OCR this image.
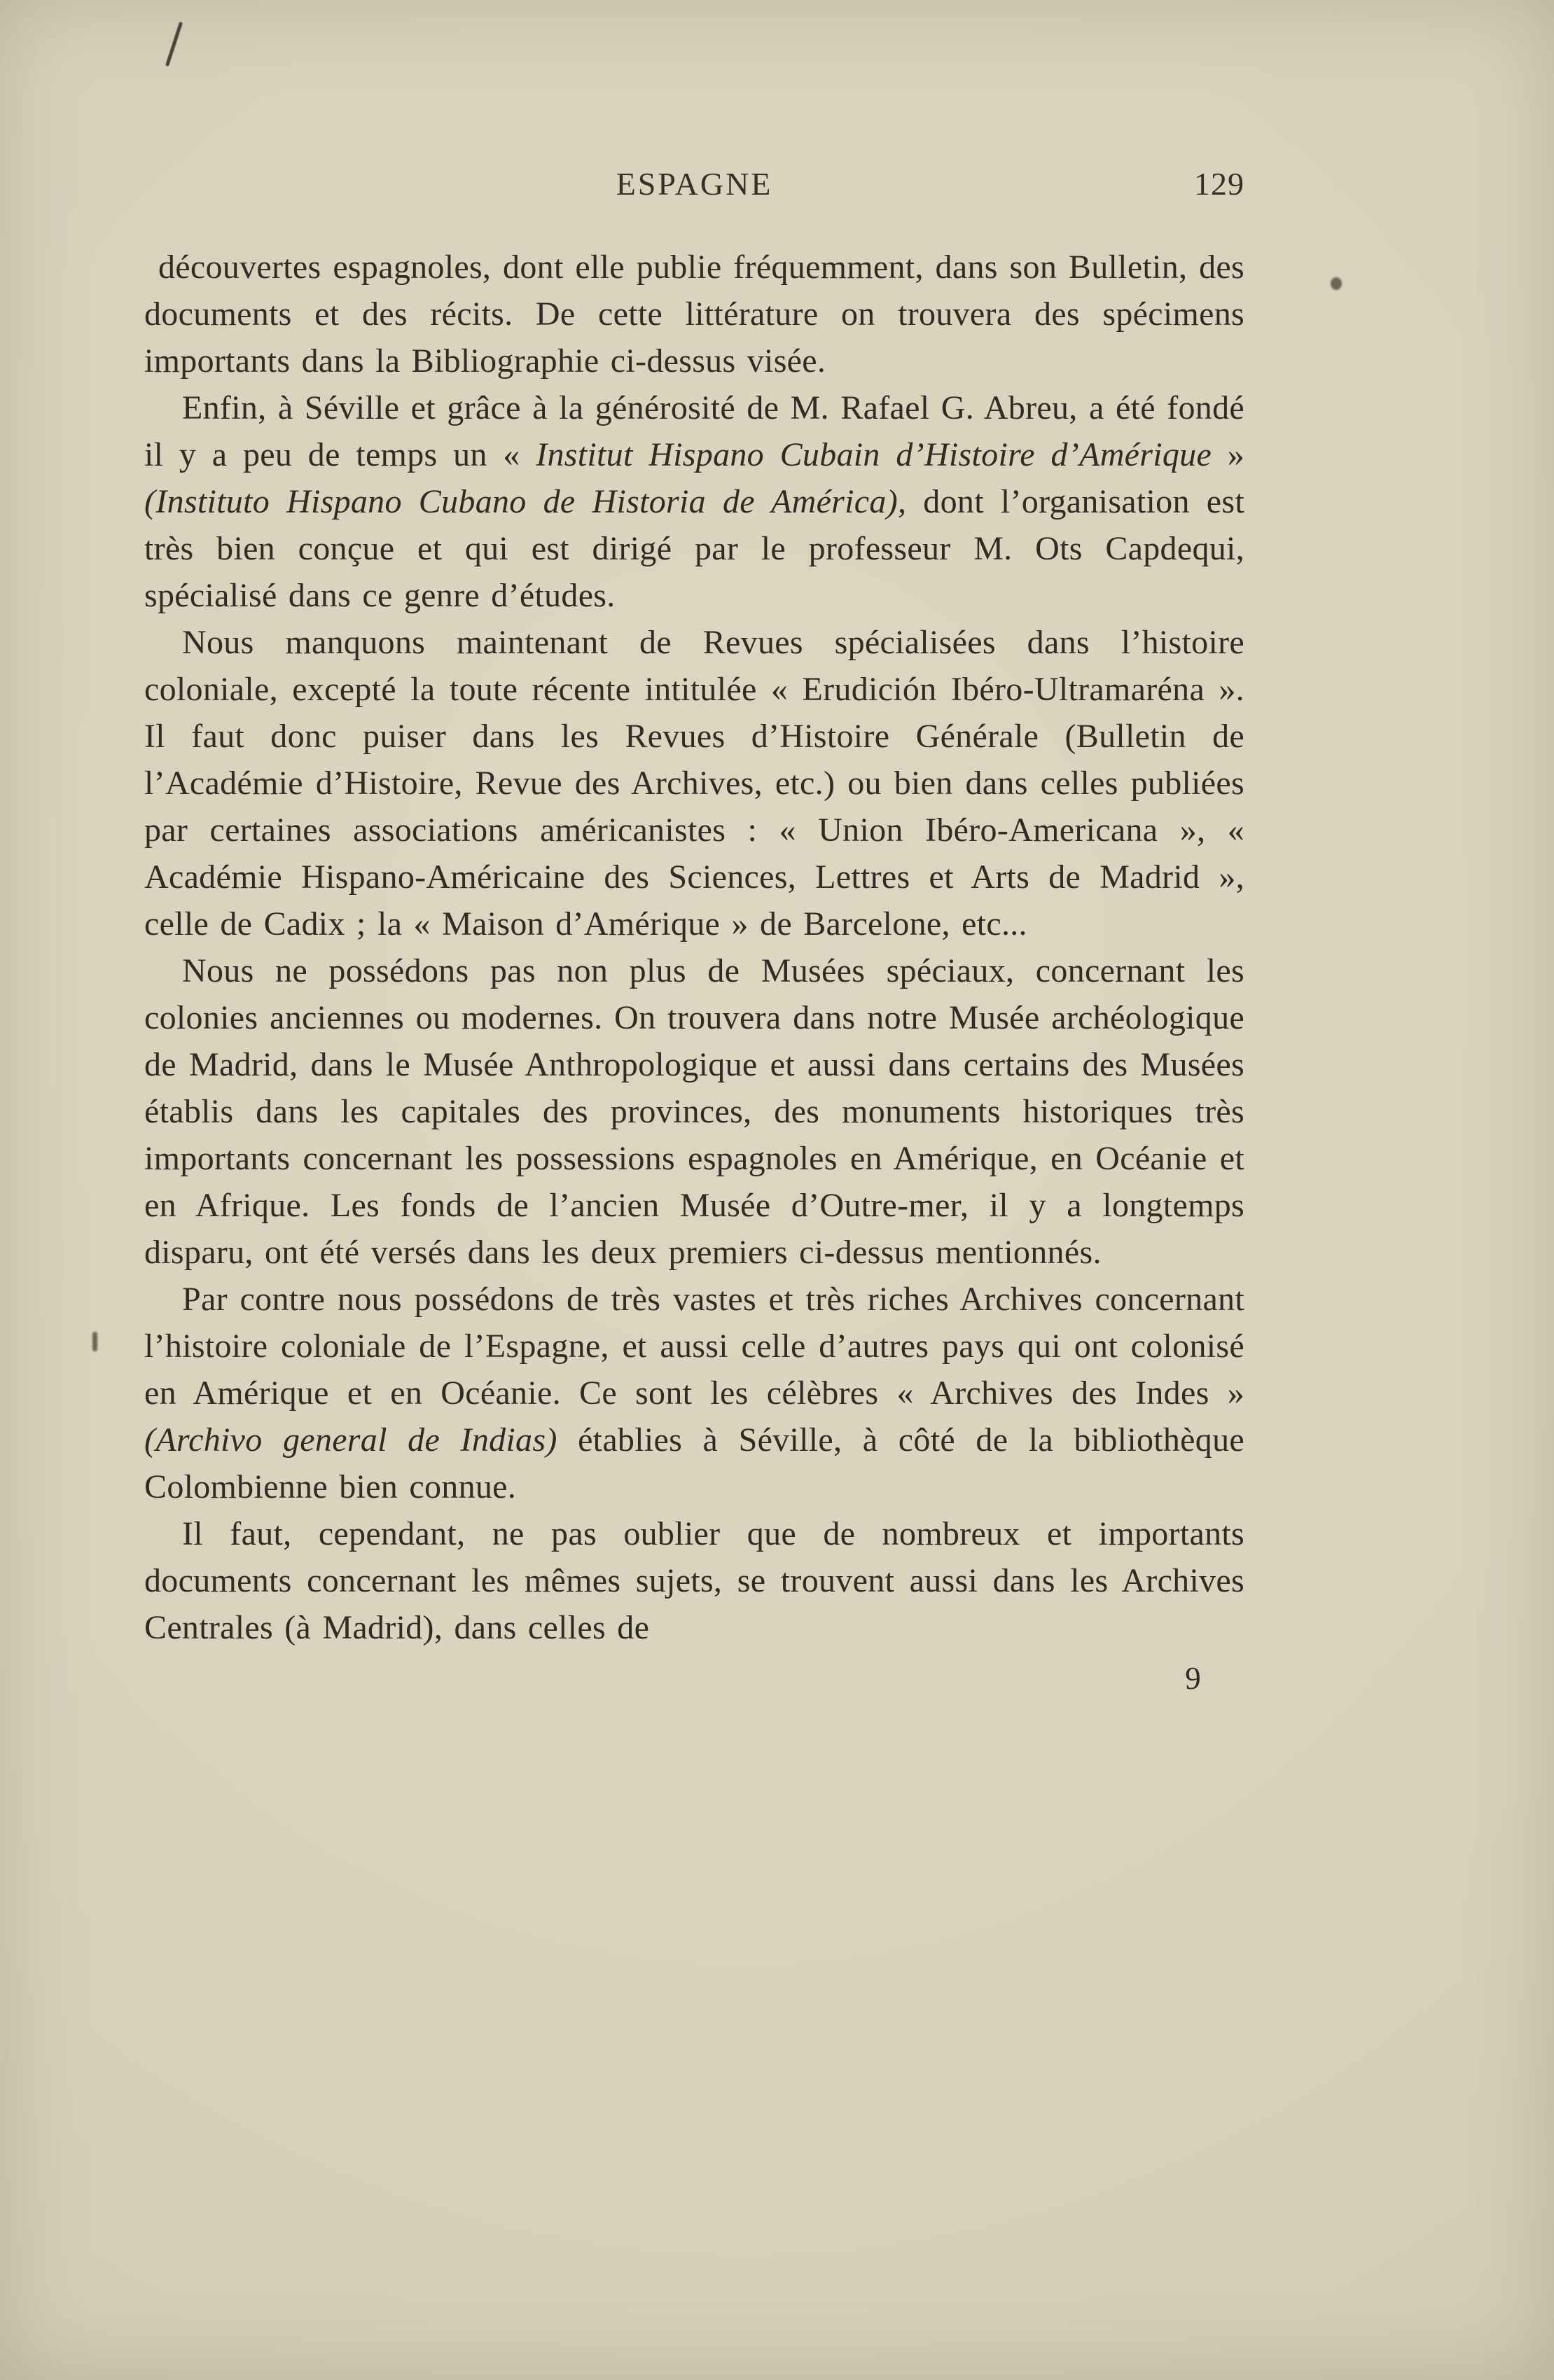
ESPAGNE	129

découvertes espagnoles, dont elle publie fréquemment, dans son Bulletin, des documents et des récits. De cette littérature on trouvera des spécimens importants dans la Bibliographie ci-dessus visée.

Enfin, à Séville et grâce à la générosité de M. Rafael G. Abreu, a été fondé il y a peu de temps un « Institut Hispano Cubain d’Histoire d’Amérique » (Instituto Hispano Cubano de Historia de América), dont l’organisation est très bien conçue et qui est dirigé par le professeur M. Ots Capdequi, spécialisé dans ce genre d’études.

Nous manquons maintenant de Revues spécialisées dans l’histoire coloniale, excepté la toute récente intitulée « Erudición Ibéro-Ultramaréna ». Il faut donc puiser dans les Revues d’Histoire Générale (Bulletin de l’Académie d’Histoire, Revue des Archives, etc.) ou bien dans celles publiées par certaines associations américanistes : « Union Ibéro-Americana », « Académie Hispano-Américaine des Sciences, Lettres et Arts de Madrid », celle de Cadix ; la « Maison d’Amérique » de Barcelone, etc...

Nous ne possédons pas non plus de Musées spéciaux, concernant les colonies anciennes ou modernes. On trouvera dans notre Musée archéologique de Madrid, dans le Musée Anthropologique et aussi dans certains des Musées établis dans les capitales des provinces, des monuments historiques très importants concernant les possessions espagnoles en Amérique, en Océanie et en Afrique. Les fonds de l’ancien Musée d’Outre-mer, il y a longtemps disparu, ont été versés dans les deux premiers ci-dessus mentionnés.

Par contre nous possédons de très vastes et très riches Archives concernant l’histoire coloniale de l’Espagne, et aussi celle d’autres pays qui ont colonisé en Amérique et en Océanie. Ce sont les célèbres « Archives des Indes » (Archivo general de Indias) établies à Séville, à côté de la bibliothèque Colombienne bien connue.

Il faut, cependant, ne pas oublier que de nombreux et importants documents concernant les mêmes sujets, se trouvent aussi dans les Archives Centrales (à Madrid), dans celles de

9
